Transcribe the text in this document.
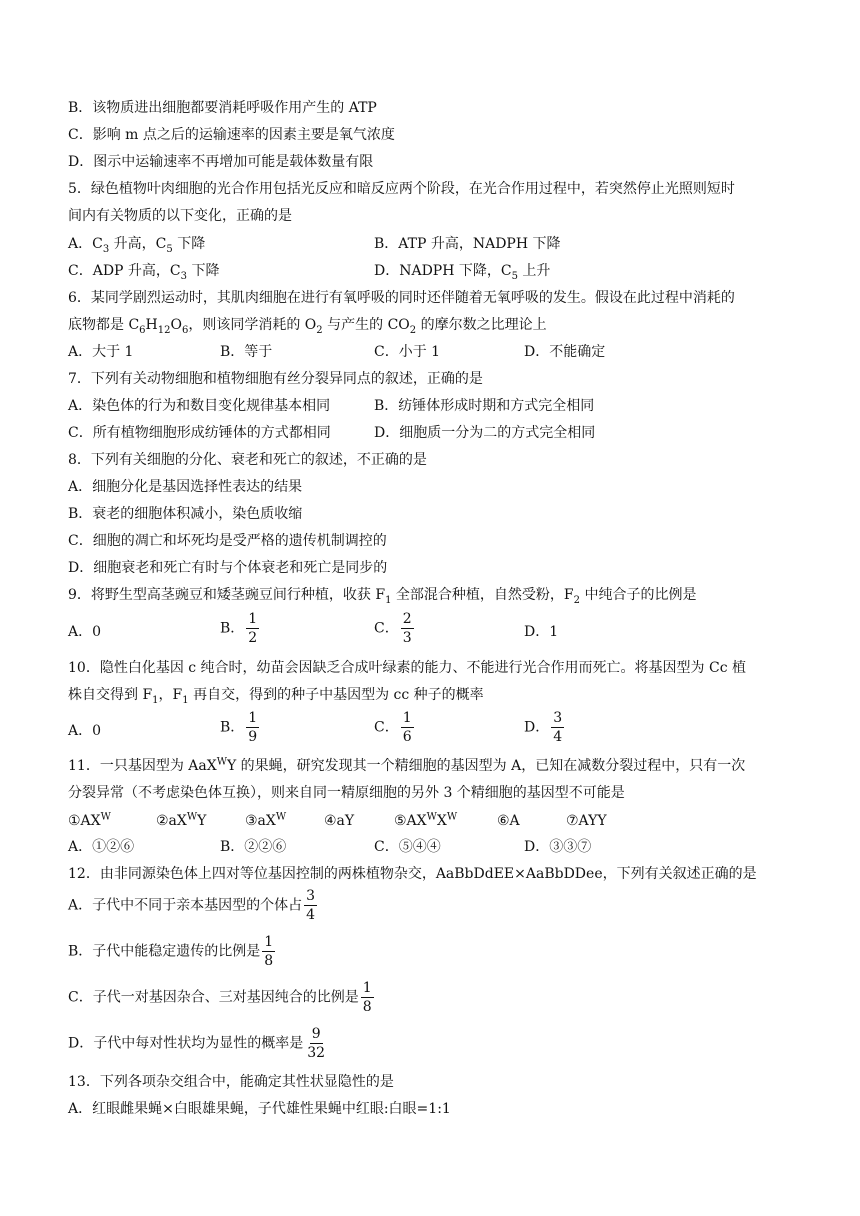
B．该物质进出细胞都要消耗呼吸作用产生的 ATP
C．影响 m 点之后的运输速率的因素主要是氧气浓度
D．图示中运输速率不再增加可能是载体数量有限
5．绿色植物叶肉细胞的光合作用包括光反应和暗反应两个阶段，在光合作用过程中，若突然停止光照则短时
间内有关物质的以下变化，正确的是
A．$C_3$ 升高，$C_5$ 下降	B．ATP 升高，NADPH 下降
C．ADP 升高，$C_3$ 下降	D．NADPH 下降，$C_5$ 上升
6．某同学剧烈运动时，其肌肉细胞在进行有氧呼吸的同时还伴随着无氧呼吸的发生。假设在此过程中消耗的
底物都是 $C_6H_{12}O_6$，则该同学消耗的 $O_2$ 与产生的 $CO_2$ 的摩尔数之比理论上
A．大于 1	B．等于	C．小于 1	D．不能确定
7．下列有关动物细胞和植物细胞有丝分裂异同点的叙述，正确的是
A．染色体的行为和数目变化规律基本相同	B．纺锤体形成时期和方式完全相同
C．所有植物细胞形成纺锤体的方式都相同	D．细胞质一分为二的方式完全相同
8．下列有关细胞的分化、衰老和死亡的叙述，不正确的是
A．细胞分化是基因选择性表达的结果
B．衰老的细胞体积减小，染色质收缩
C．细胞的凋亡和坏死均是受严格的遗传机制调控的
D．细胞衰老和死亡有时与个体衰老和死亡是同步的
9．将野生型高茎豌豆和矮茎豌豆间行种植，收获 $F_1$ 全部混合种植，自然受粉，$F_2$ 中纯合子的比例是
A．0	B． $\frac{1}{2}$	C． $\frac{2}{3}$	D．1
10．隐性白化基因 c 纯合时，幼苗会因缺乏合成叶绿素的能力、不能进行光合作用而死亡。将基因型为 Cc 植
株自交得到 $F_1$，$F_1$ 再自交，得到的种子中基因型为 cc 种子的概率
A．0	B． $\frac{1}{9}$	C． $\frac{1}{6}$	D． $\frac{3}{4}$
11．一只基因型为 AaX$^W$Y 的果蝇，研究发现其一个精细胞的基因型为 A，已知在减数分裂过程中，只有一次
分裂异常（不考虑染色体互换），则来自同一精原细胞的另外 3 个精细胞的基因型不可能是
$①AX^W$	$②aX^WY$	$③aX^W$	④aY	$⑤AX^WX^W$	⑥A	⑦AYY
A．①②⑥	B．②②⑥	C．⑤④④	D．③③⑦
12．由非同源染色体上四对等位基因控制的两株植物杂交，AaBbDdEE×AaBbDDee，下列有关叙述正确的是
A．子代中不同于亲本基因型的个体占 $\frac{3}{4}$
B．子代中能稳定遗传的比例是 $\frac{1}{8}$
C．子代一对基因杂合、三对基因纯合的比例是 $\frac{1}{8}$
D．子代中每对性状均为显性的概率是 $\frac{9}{32}$
13．下列各项杂交组合中，能确定其性状显隐性的是
A．红眼雌果蝇×白眼雄果蝇，子代雄性果蝇中红眼:白眼=1:1
